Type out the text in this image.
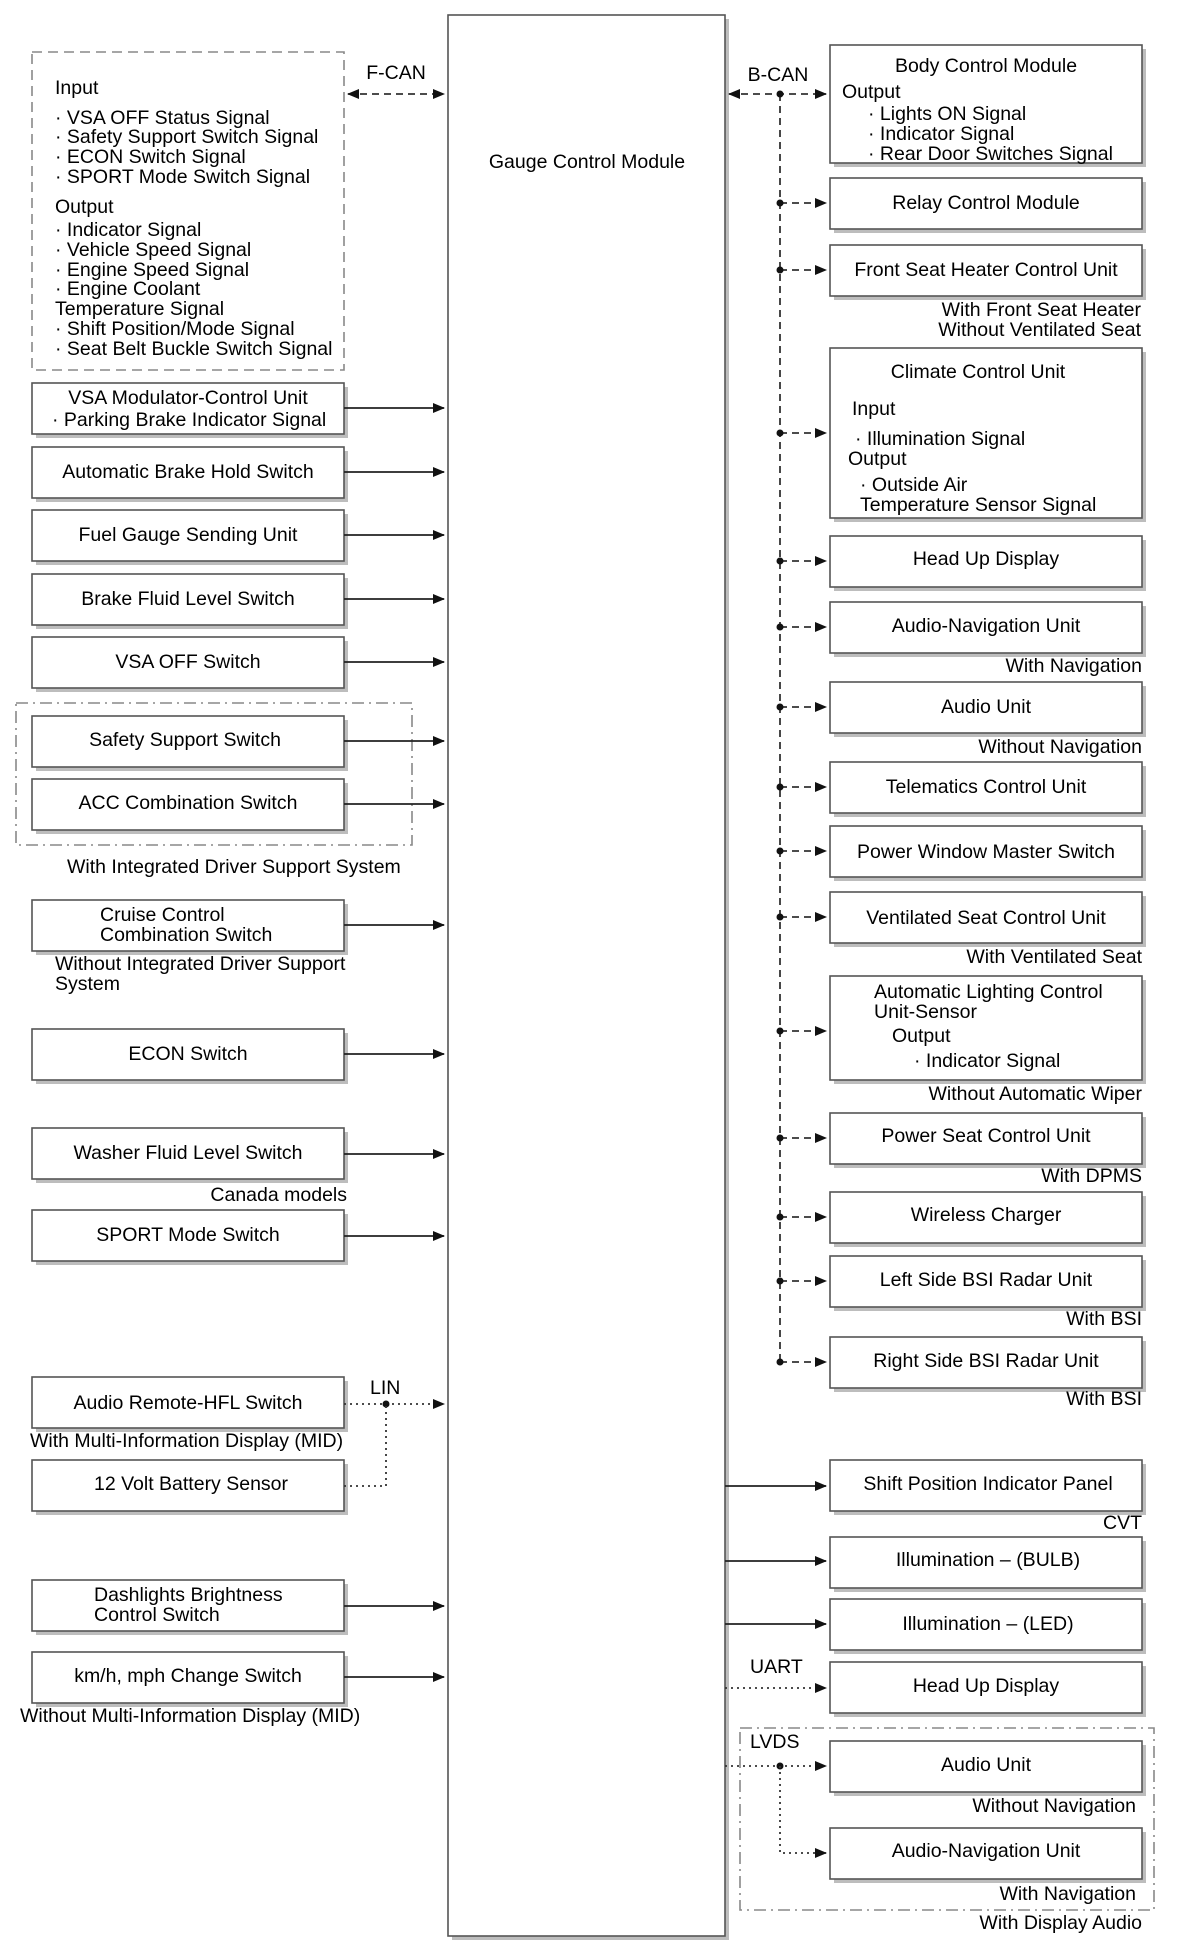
Gauge Control Module
Input
· VSA OFF Status Signal
· Safety Support Switch Signal
· ECON Switch Signal
· SPORT Mode Switch Signal
Output
· Indicator Signal
· Vehicle Speed Signal
· Engine Speed Signal
· Engine Coolant
Temperature Signal
· Shift Position/Mode Signal
· Seat Belt Buckle Switch Signal
F-CAN
VSA Modulator-Control Unit
· Parking Brake Indicator Signal
Automatic Brake Hold Switch
Fuel Gauge Sending Unit
Brake Fluid Level Switch
VSA OFF Switch
Safety Support Switch
ACC Combination Switch
With Integrated Driver Support System
Cruise Control
Combination Switch
Without Integrated Driver Support
System
ECON Switch
Washer Fluid Level Switch
Canada models
SPORT Mode Switch
Audio Remote-HFL Switch
LIN
With Multi-Information Display (MID)
12 Volt Battery Sensor
Dashlights Brightness
Control Switch
km/h, mph Change Switch
Without Multi-Information Display (MID)
B-CAN	Body Control Module
Output
· Lights ON Signal
· Indicator Signal
· Rear Door Switches Signal
Relay Control Module
Front Seat Heater Control Unit
With Front Seat Heater
Without Ventilated Seat
Climate Control Unit
Input
· Illumination Signal
Output
· Outside Air
Temperature Sensor Signal
Head Up Display
Audio-Navigation Unit
With Navigation
Audio Unit
Without Navigation
Telematics Control Unit
Power Window Master Switch
Ventilated Seat Control Unit
With Ventilated Seat
Automatic Lighting Control
Unit-Sensor
Output
· Indicator Signal
Without Automatic Wiper
Power Seat Control Unit
With DPMS
Wireless Charger
Left Side BSI Radar Unit
With BSI
Right Side BSI Radar Unit
With BSI
Shift Position Indicator Panel
CVT
Illumination – (BULB)
Illumination – (LED)
UART
Head Up Display
LVDS
Audio Unit
Without Navigation
Audio-Navigation Unit
With Navigation
With Display Audio
